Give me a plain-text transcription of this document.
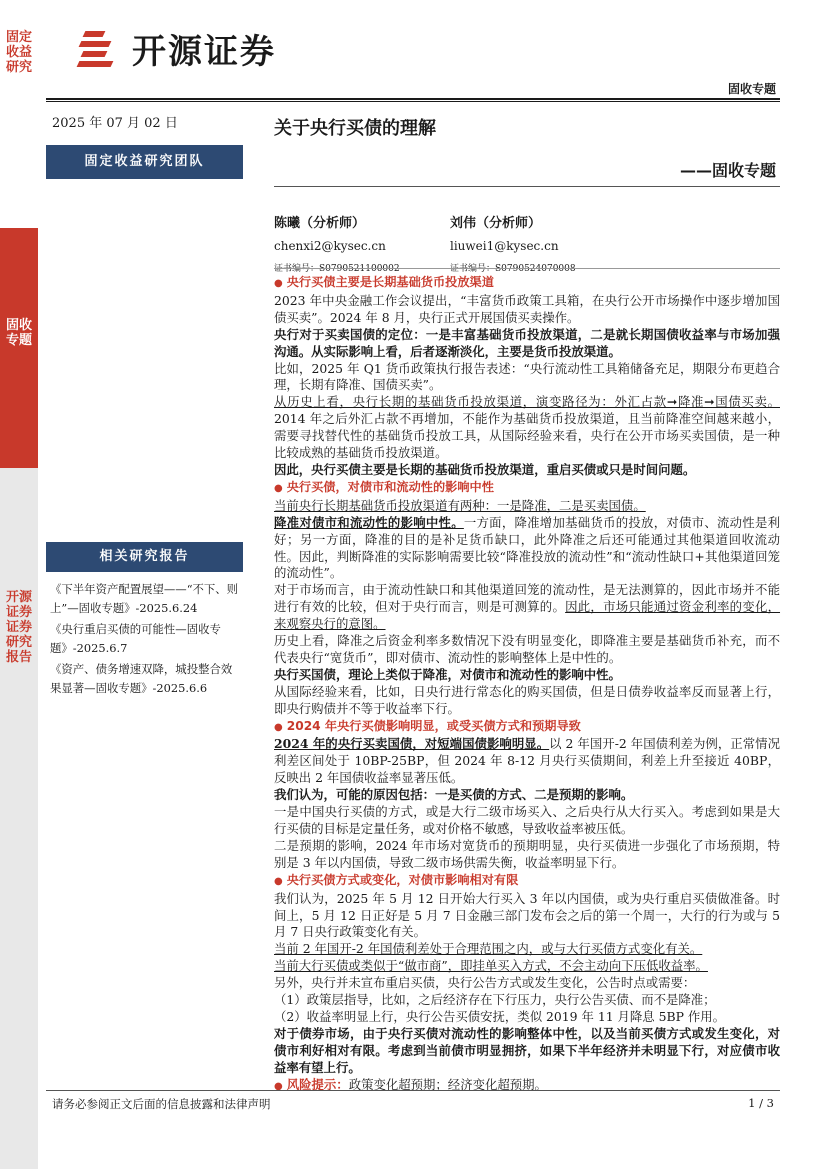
固定收益研究
固收专题
开源证券 证券研究报告
开源证券
固收专题
2025 年 07 月 02 日	关于央行买债的理解
——固收专题
固定收益研究团队
陈曦（分析师）
chenxi2@kysec.cn
证书编号：S0790521100002
刘伟（分析师）
liuwei1@kysec.cn
证书编号：S0790524070008

● 央行买债主要是长期基础货币投放渠道

2023 年中央金融工作会议提出，“丰富货币政策工具箱，在央行公开市场操作中逐步增加国债买卖”。2024 年 8 月，央行正式开展国债买卖操作。

央行对于买卖国债的定位：一是丰富基础货币投放渠道，二是就长期国债收益率与市场加强沟通。从实际影响上看，后者逐渐淡化，主要是货币投放渠道。

比如，2025 年 Q1 货币政策执行报告表述：“央行流动性工具箱储备充足，期限分布更趋合理，长期有降准、国债买卖”。

从历史上看，央行长期的基础货币投放渠道，演变路径为：外汇占款➞降准➞国债买卖。2014 年之后外汇占款不再增加，不能作为基础货币投放渠道，且当前降准空间越来越小，需要寻找替代性的基础货币投放工具，从国际经验来看，央行在公开市场买卖国债，是一种比较成熟的基础货币投放渠道。

因此，央行买债主要是长期的基础货币投放渠道，重启买债或只是时间问题。

● 央行买债，对债市和流动性的影响中性

当前央行长期基础货币投放渠道有两种：一是降准，二是买卖国债。

降准对债市和流动性的影响中性。一方面，降准增加基础货币的投放，对债市、流动性是利好；另一方面，降准的目的是补足货币缺口，此外降准之后还可能通过其他渠道回收流动性。因此，判断降准的实际影响需要比较“降准投放的流动性”和“流动性缺口+其他渠道回笼的流动性”。

对于市场而言，由于流动性缺口和其他渠道回笼的流动性，是无法测算的，因此市场并不能进行有效的比较，但对于央行而言，则是可测算的。因此，市场只能通过资金利率的变化，来观察央行的意图。

历史上看，降准之后资金利率多数情况下没有明显变化，即降准主要是基础货币补充，而不代表央行“宽货币”，即对债市、流动性的影响整体上是中性的。

央行买国债，理论上类似于降准，对债市和流动性的影响中性。

从国际经验来看，比如，日央行进行常态化的购买国债，但是日债券收益率反而显著上行，即央行购债并不等于收益率下行。

● 2024 年央行买债影响明显，或受买债方式和预期导致

2024 年的央行买卖国债，对短端国债影响明显。以 2 年国开-2 年国债利差为例，正常情况利差区间处于 10BP-25BP，但 2024 年 8-12 月央行买债期间，利差上升至接近 40BP，反映出 2 年国债收益率显著压低。

我们认为，可能的原因包括：一是买债的方式、二是预期的影响。

一是中国央行买债的方式，或是大行二级市场买入、之后央行从大行买入。考虑到如果是大行买债的目标是定量任务，或对价格不敏感，导致收益率被压低。

二是预期的影响，2024 年市场对宽货币的预期明显，央行买债进一步强化了市场预期，特别是 3 年以内国债，导致二级市场供需失衡，收益率明显下行。

● 央行买债方式或变化，对债市影响相对有限

我们认为，2025 年 5 月 12 日开始大行买入 3 年以内国债，或为央行重启买债做准备。时间上，5 月 12 日正好是 5 月 7 日金融三部门发布会之后的第一个周一，大行的行为或与 5 月 7 日央行政策变化有关。

当前 2 年国开-2 年国债利差处于合理范围之内，或与大行买债方式变化有关。

当前大行买债或类似于“做市商”，即挂单买入方式，不会主动向下压低收益率。

另外，央行并未宣布重启买债，央行公告方式或发生变化，公告时点或需要：

（1）政策层指导，比如，之后经济存在下行压力，央行公告买债、而不是降准；

（2）收益率明显上行，央行公告买债安抚，类似 2019 年 11 月降息 5BP 作用。

对于债券市场，由于央行买债对流动性的影响整体中性，以及当前买债方式或发生变化，对债市利好相对有限。考虑到当前债市明显拥挤，如果下半年经济并未明显下行，对应债市收益率有望上行。

● 风险提示：政策变化超预期；经济变化超预期。

相关研究报告
《下半年资产配置展望——“不下、则上”—固收专题》-2025.6.24
《央行重启买债的可能性—固收专题》-2025.6.7
《资产、债务增速双降，城投整合效果显著—固收专题》-2025.6.6
请务必参阅正文后面的信息披露和法律声明	1 / 3
